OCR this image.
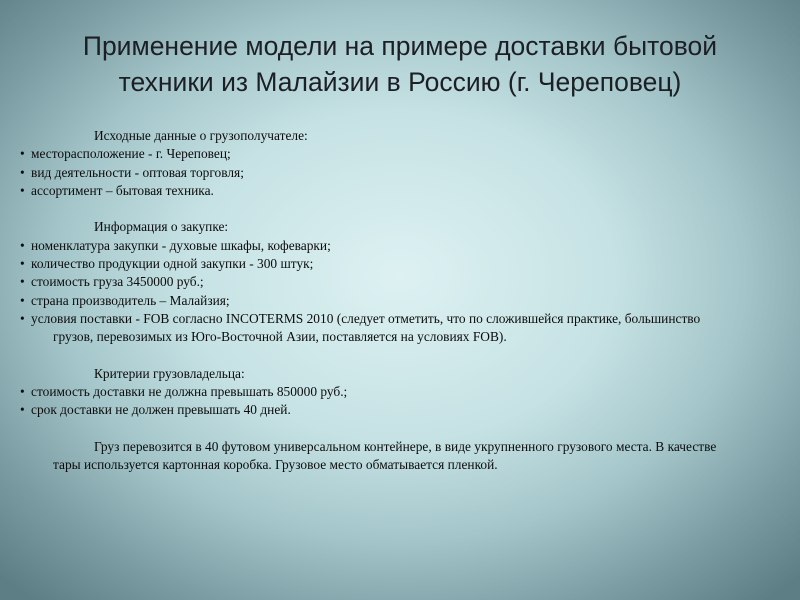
Применение модели на примере доставки бытовой
техники из Малайзии в Россию (г. Череповец)
Исходные данные о грузополучателе:
• месторасположение - г. Череповец;
• вид деятельности - оптовая торговля;
• ассортимент – бытовая техника.
Информация о закупке:
• номенклатура закупки - духовые шкафы, кофеварки;
• количество продукции одной закупки - 300 штук;
• стоимость груза 3450000 руб.;
• страна производитель – Малайзия;
• условия поставки - FOB согласно INCOTERMS 2010 (следует отметить, что по сложившейся практике, большинство грузов, перевозимых из Юго-Восточной Азии, поставляется на условиях FOB).
Критерии грузовладельца:
• стоимость доставки не должна превышать 850000 руб.;
• срок доставки не должен превышать 40 дней.
Груз перевозится в 40 футовом универсальном контейнере, в виде укрупненного грузового места. В качестве тары используется картонная коробка. Грузовое место обматывается пленкой.
